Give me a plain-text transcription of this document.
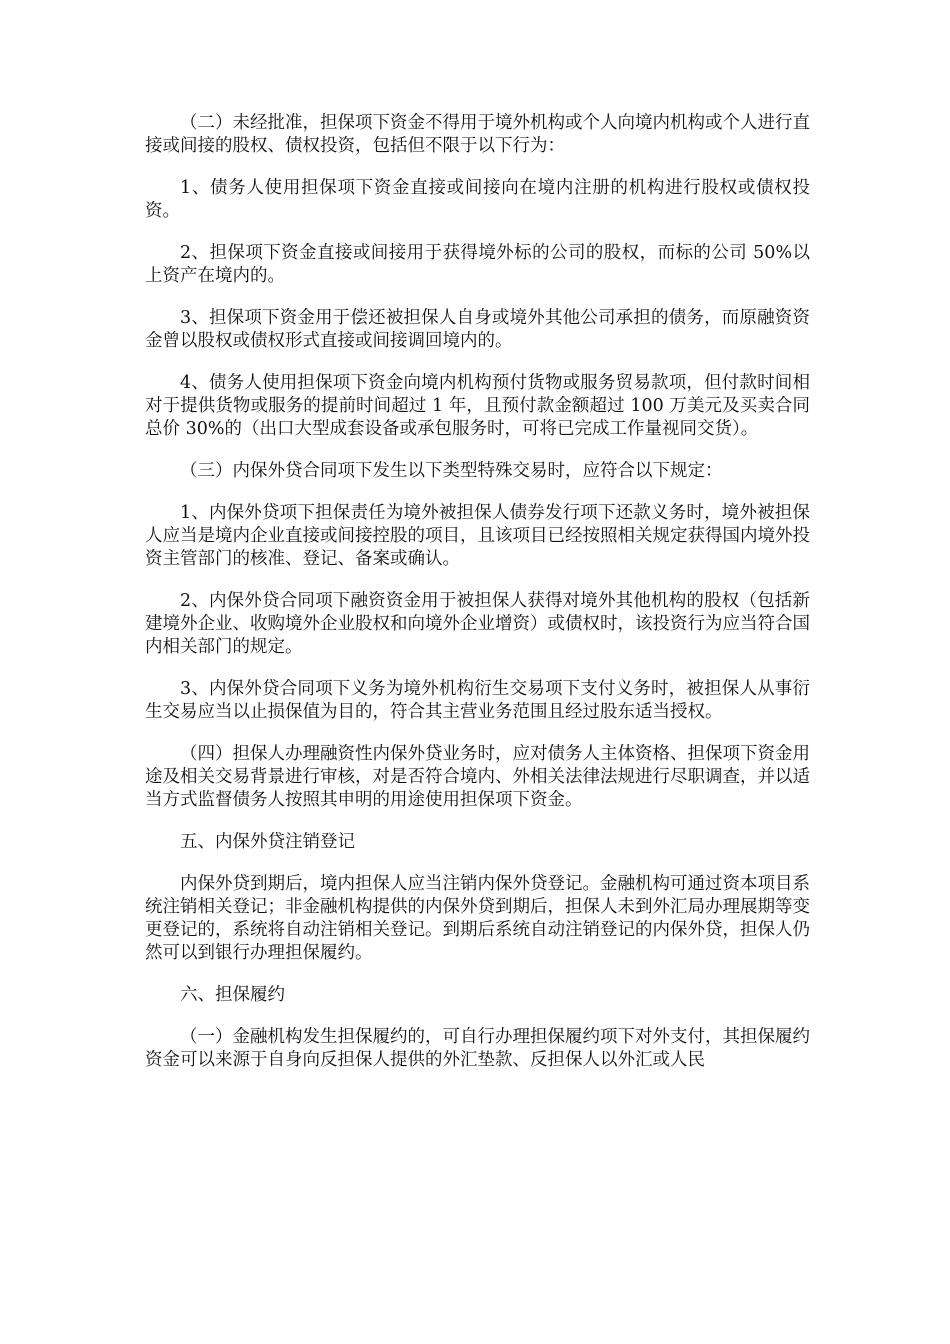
（二）未经批准，担保项下资金不得用于境外机构或个人向境内机构或个人进行直接或间接的股权、债权投资，包括但不限于以下行为：

1、债务人使用担保项下资金直接或间接向在境内注册的机构进行股权或债权投资。

2、担保项下资金直接或间接用于获得境外标的公司的股权，而标的公司 50%以上资产在境内的。

3、担保项下资金用于偿还被担保人自身或境外其他公司承担的债务，而原融资资金曾以股权或债权形式直接或间接调回境内的。

4、债务人使用担保项下资金向境内机构预付货物或服务贸易款项，但付款时间相对于提供货物或服务的提前时间超过 1 年，且预付款金额超过 100 万美元及买卖合同总价 30%的（出口大型成套设备或承包服务时，可将已完成工作量视同交货）。

（三）内保外贷合同项下发生以下类型特殊交易时，应符合以下规定：

1、内保外贷项下担保责任为境外被担保人债券发行项下还款义务时，境外被担保人应当是境内企业直接或间接控股的项目，且该项目已经按照相关规定获得国内境外投资主管部门的核准、登记、备案或确认。

2、内保外贷合同项下融资资金用于被担保人获得对境外其他机构的股权（包括新建境外企业、收购境外企业股权和向境外企业增资）或债权时，该投资行为应当符合国内相关部门的规定。

3、内保外贷合同项下义务为境外机构衍生交易项下支付义务时，被担保人从事衍生交易应当以止损保值为目的，符合其主营业务范围且经过股东适当授权。

（四）担保人办理融资性内保外贷业务时，应对债务人主体资格、担保项下资金用途及相关交易背景进行审核，对是否符合境内、外相关法律法规进行尽职调查，并以适当方式监督债务人按照其申明的用途使用担保项下资金。

五、内保外贷注销登记

内保外贷到期后，境内担保人应当注销内保外贷登记。金融机构可通过资本项目系统注销相关登记；非金融机构提供的内保外贷到期后，担保人未到外汇局办理展期等变更登记的，系统将自动注销相关登记。到期后系统自动注销登记的内保外贷，担保人仍然可以到银行办理担保履约。

六、担保履约

（一）金融机构发生担保履约的，可自行办理担保履约项下对外支付，其担保履约资金可以来源于自身向反担保人提供的外汇垫款、反担保人以外汇或人民
